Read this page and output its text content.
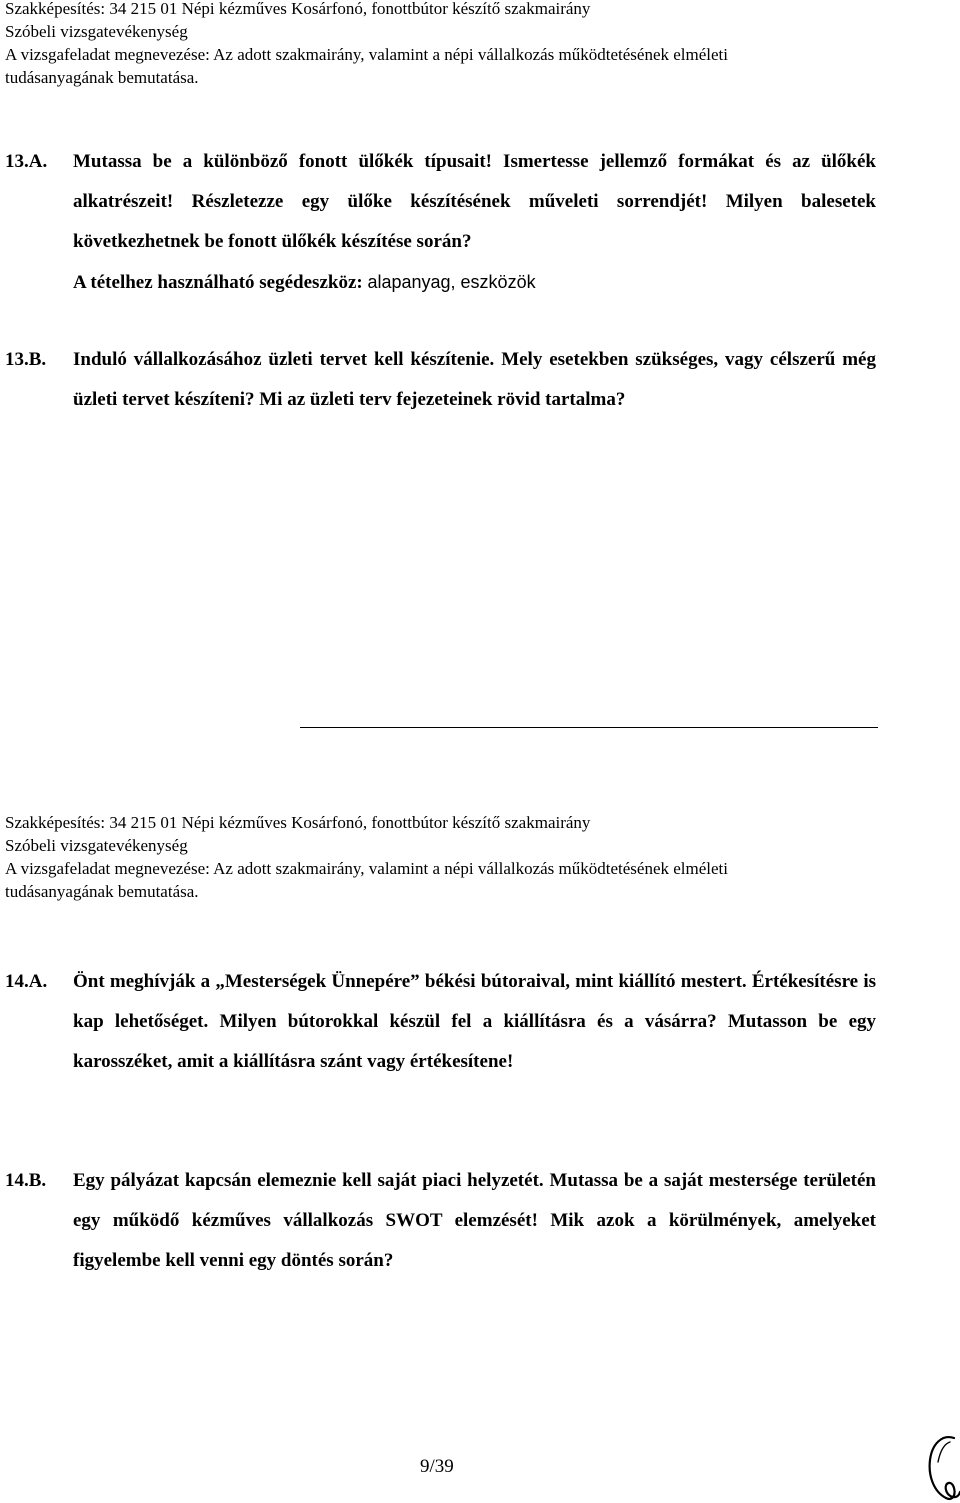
Szakképesítés: 34 215 01 Népi kézműves Kosárfonó, fonottbútor készítő szakmairány
Szóbeli vizsgatevékenység
A vizsgafeladat megnevezése: Az adott szakmairány, valamint a népi vállalkozás működtetésének elméleti
tudásanyagának bemutatása.
13.A.	Mutassa be a különböző fonott ülőkék típusait! Ismertesse jellemző formákat és az ülőkék alkatrészeit! Részletezze egy ülőke készítésének műveleti sorrendjét! Milyen balesetek következhetnek be fonott ülőkék készítése során?
A tételhez használható segédeszköz: alapanyag, eszközök
13.B.	Induló vállalkozásához üzleti tervet kell készítenie. Mely esetekben szükséges, vagy célszerű még üzleti tervet készíteni? Mi az üzleti terv fejezeteinek rövid tartalma?
Szakképesítés: 34 215 01 Népi kézműves Kosárfonó, fonottbútor készítő szakmairány
Szóbeli vizsgatevékenység
A vizsgafeladat megnevezése: Az adott szakmairány, valamint a népi vállalkozás működtetésének elméleti
tudásanyagának bemutatása.
14.A.	Önt meghívják a „Mesterségek Ünnepére” békési bútoraival, mint kiállító mestert. Értékesítésre is kap lehetőséget. Milyen bútorokkal készül fel a kiállításra és a vásárra? Mutasson be egy karosszéket, amit a kiállításra szánt vagy értékesítene!
14.B.	Egy pályázat kapcsán elemeznie kell saját piaci helyzetét. Mutassa be a saját mestersége területén egy működő kézműves vállalkozás SWOT elemzését! Mik azok a körülmények, amelyeket figyelembe kell venni egy döntés során?
9/39
